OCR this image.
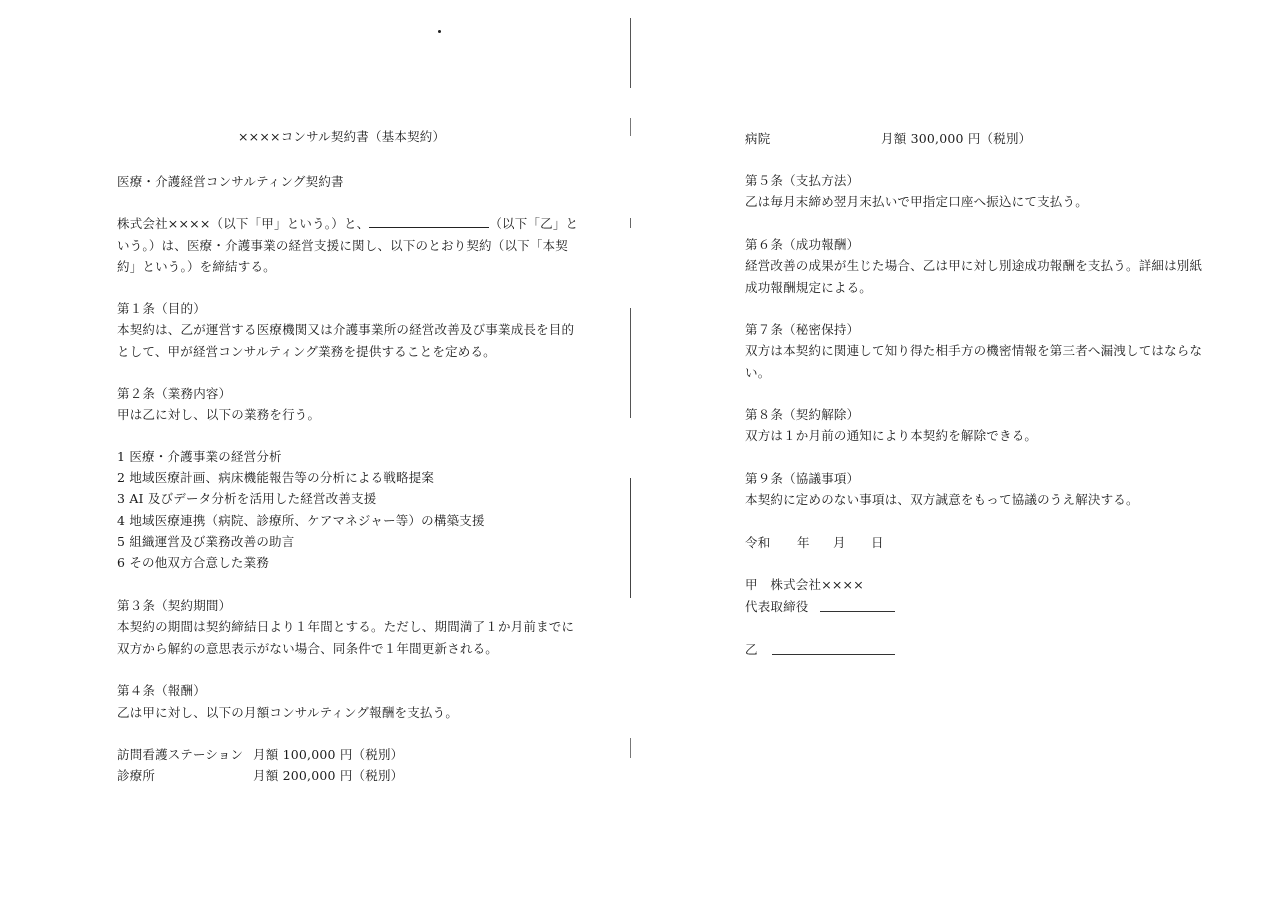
××××コンサル契約書（基本契約）
医療・介護経営コンサルティング契約書
株式会社××××（以下「甲」という。）と、	（以下「乙」と
いう。）は、医療・介護事業の経営支援に関し、以下のとおり契約（以下「本契
約」という。）を締結する。
第１条（目的）
本契約は、乙が運営する医療機関又は介護事業所の経営改善及び事業成長を目的
として、甲が経営コンサルティング業務を提供することを定める。
第２条（業務内容）
甲は乙に対し、以下の業務を行う。
1 医療・介護事業の経営分析
2 地域医療計画、病床機能報告等の分析による戦略提案
3 AI 及びデータ分析を活用した経営改善支援
4 地域医療連携（病院、診療所、ケアマネジャー等）の構築支援
5 組織運営及び業務改善の助言
6 その他双方合意した業務
第３条（契約期間）
本契約の期間は契約締結日より１年間とする。ただし、期間満了１か月前までに
双方から解約の意思表示がない場合、同条件で１年間更新される。
第４条（報酬）
乙は甲に対し、以下の月額コンサルティング報酬を支払う。
訪問看護ステーション 月額 100,000 円（税別）
診療所	月額 200,000 円（税別）
病院	月額 300,000 円（税別）
第５条（支払方法）
乙は毎月末締め翌月末払いで甲指定口座へ振込にて支払う。
第６条（成功報酬）
経営改善の成果が生じた場合、乙は甲に対し別途成功報酬を支払う。詳細は別紙
成功報酬規定による。
第７条（秘密保持）
双方は本契約に関連して知り得た相手方の機密情報を第三者へ漏洩してはならな
い。
第８条（契約解除）
双方は１か月前の通知により本契約を解除できる。
第９条（協議事項）
本契約に定めのない事項は、双方誠意をもって協議のうえ解決する。
令和 年 月 日
甲　株式会社××××
代表取締役
乙
